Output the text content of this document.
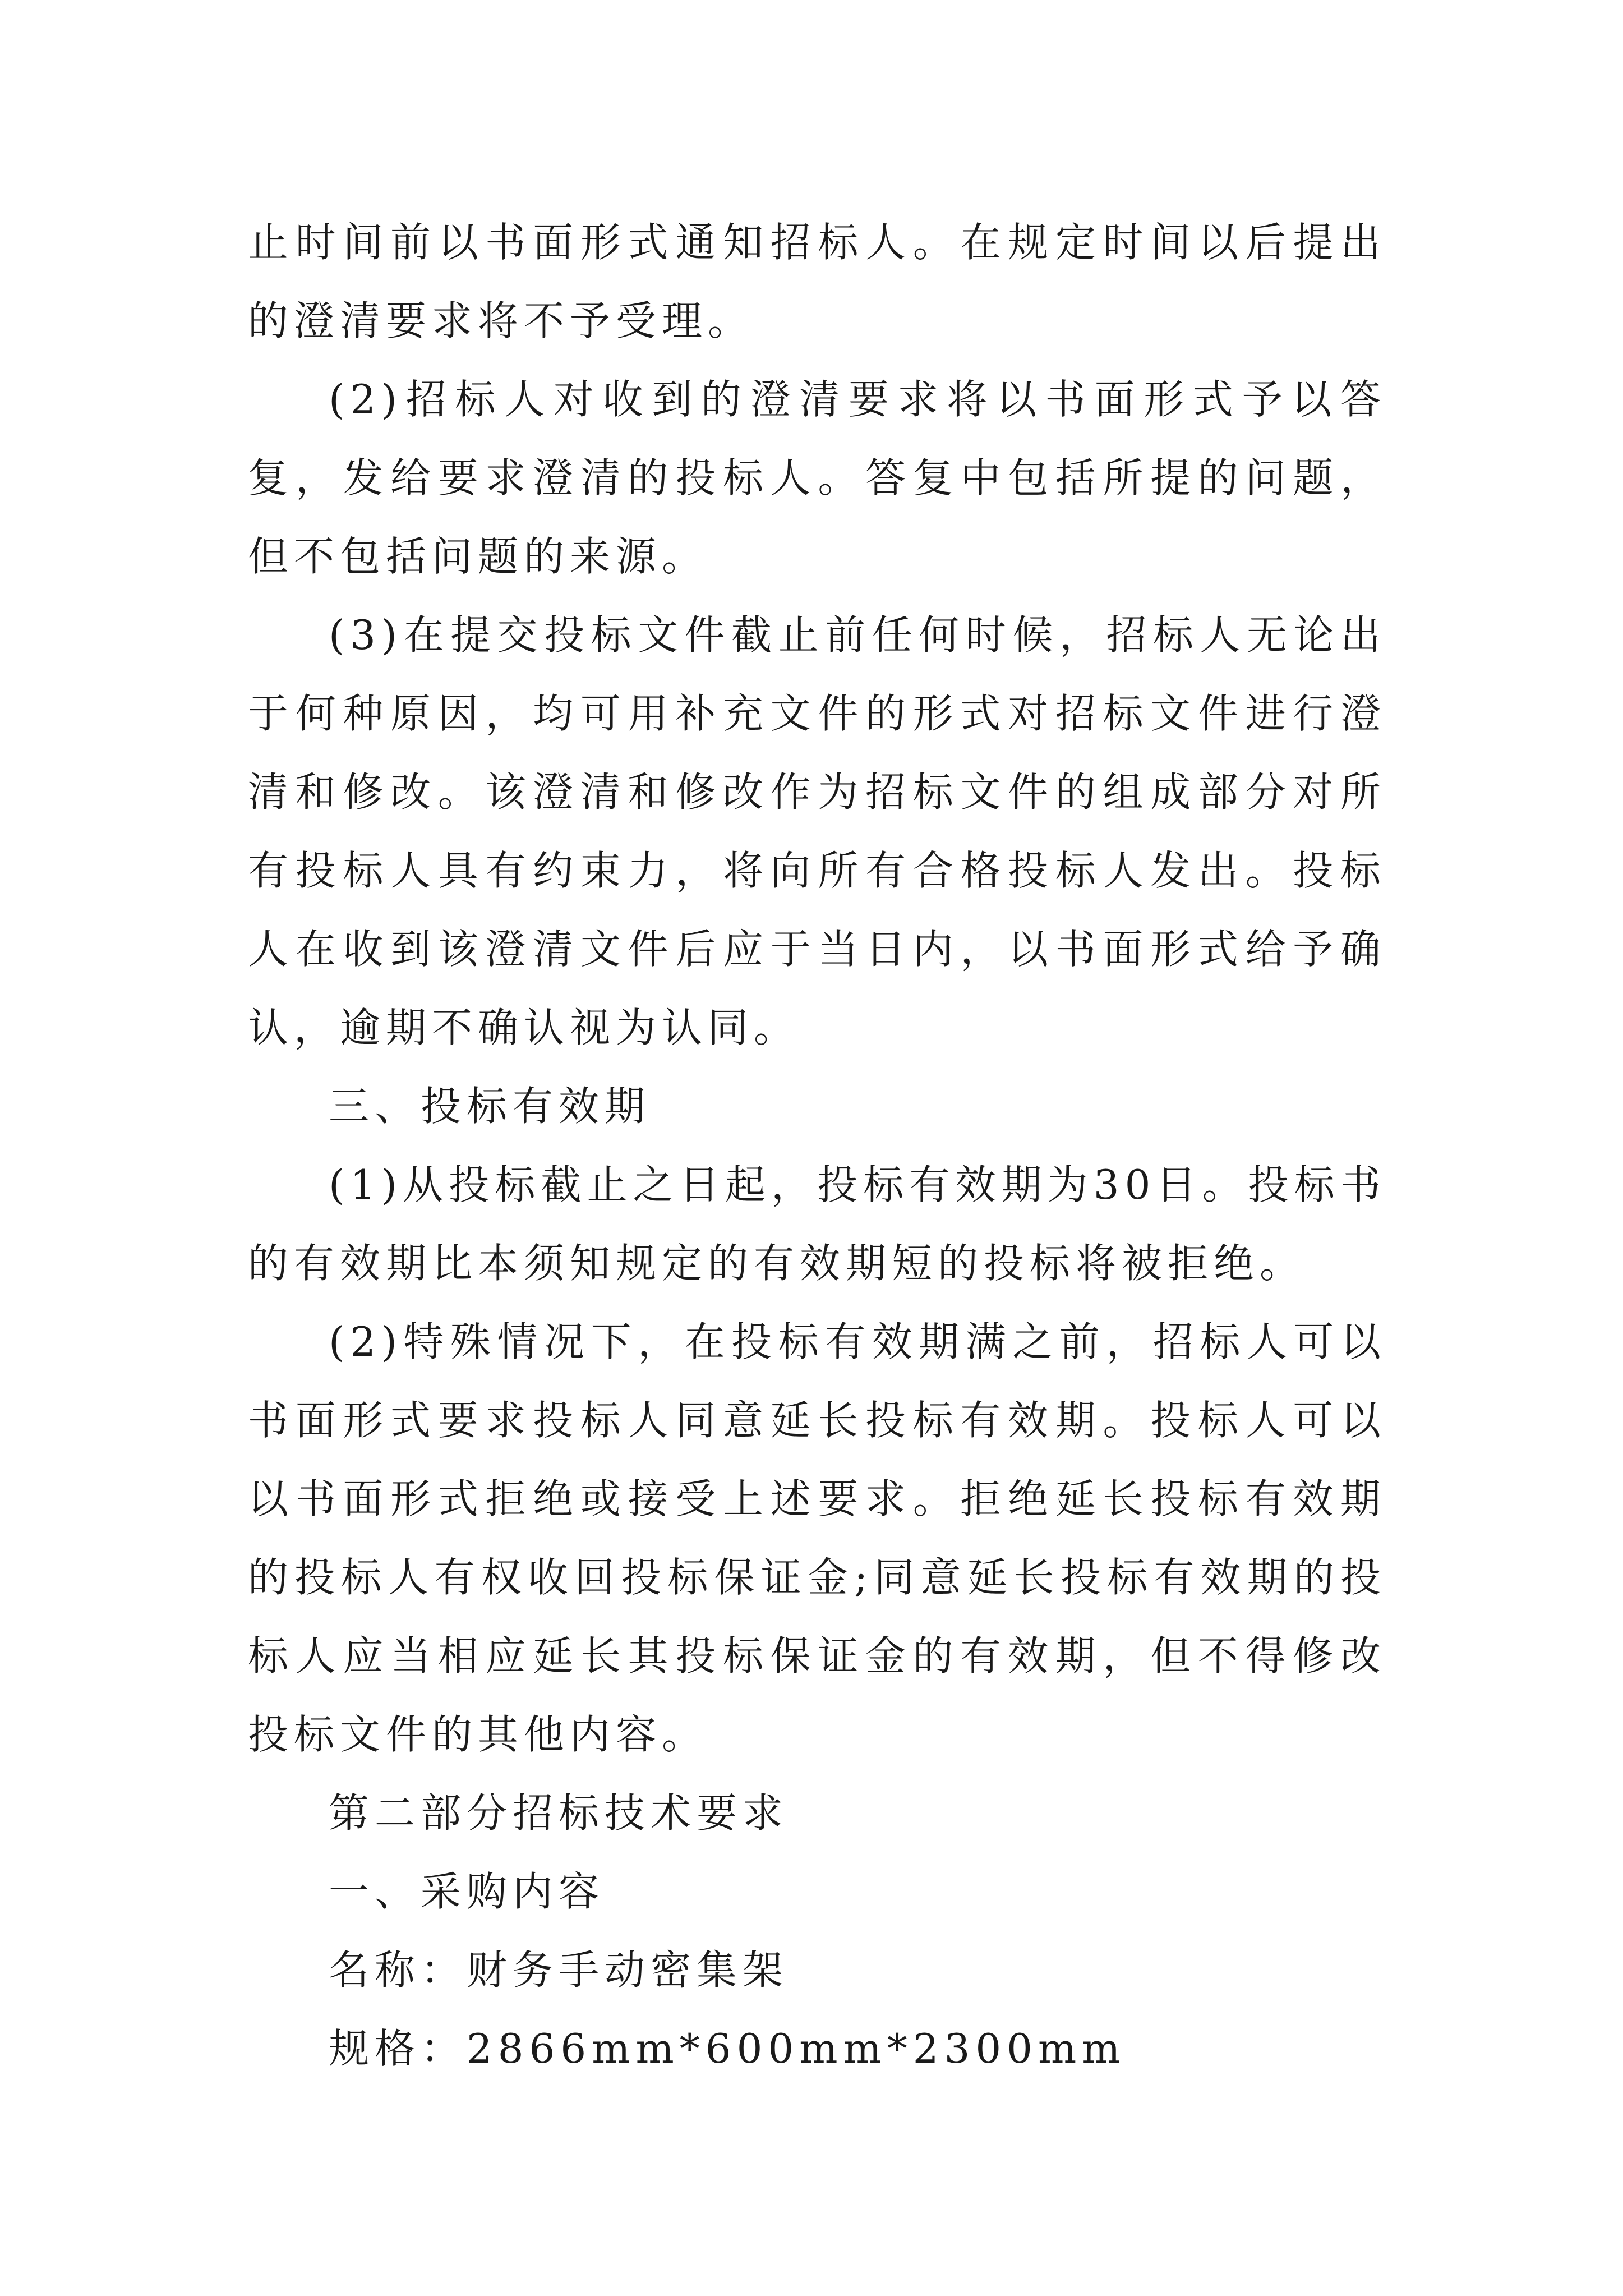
止时间前以书面形式通知招标人。在规定时间以后提出的澄清要求将不予受理。

(2)招标人对收到的澄清要求将以书面形式予以答复，发给要求澄清的投标人。答复中包括所提的问题，但不包括问题的来源。

(3)在提交投标文件截止前任何时候，招标人无论出于何种原因，均可用补充文件的形式对招标文件进行澄清和修改。该澄清和修改作为招标文件的组成部分对所有投标人具有约束力，将向所有合格投标人发出。投标人在收到该澄清文件后应于当日内，以书面形式给予确认，逾期不确认视为认同。

三、投标有效期

(1)从投标截止之日起，投标有效期为30日。投标书的有效期比本须知规定的有效期短的投标将被拒绝。

(2)特殊情况下，在投标有效期满之前，招标人可以书面形式要求投标人同意延长投标有效期。投标人可以以书面形式拒绝或接受上述要求。拒绝延长投标有效期的投标人有权收回投标保证金;同意延长投标有效期的投标人应当相应延长其投标保证金的有效期，但不得修改投标文件的其他内容。

第二部分招标技术要求

一、采购内容

名称：财务手动密集架

规格：2866mm*600mm*2300mm
